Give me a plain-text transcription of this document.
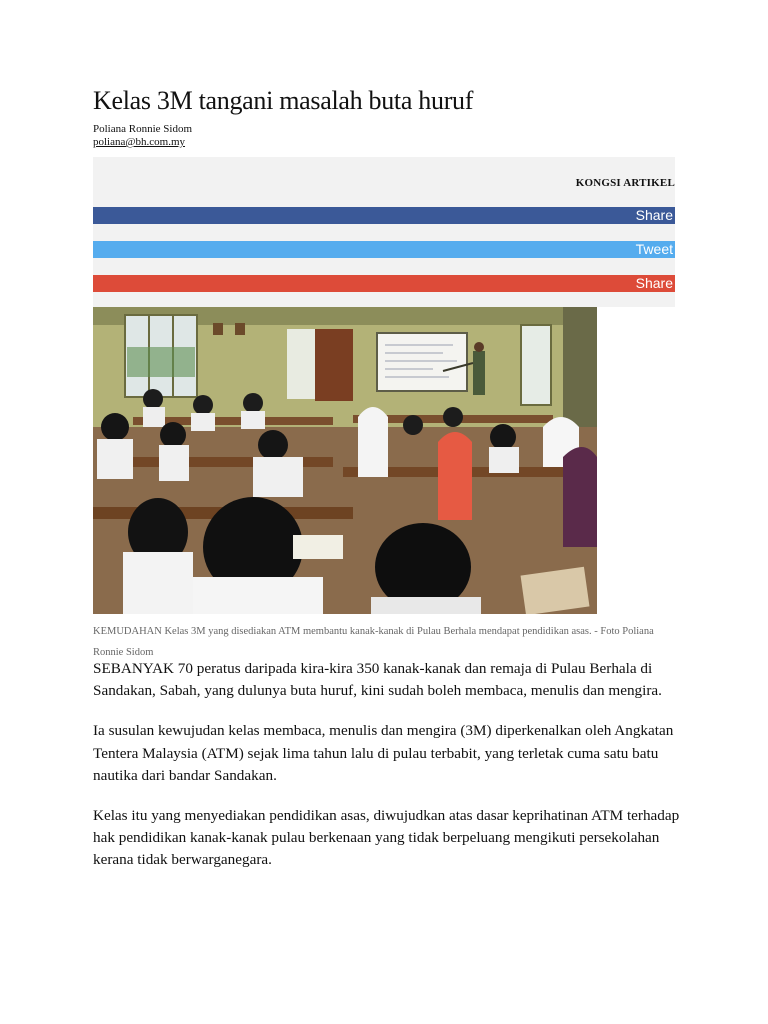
Kelas 3M tangani masalah buta huruf
Poliana Ronnie Sidom
poliana@bh.com.my
KONGSI ARTIKEL
Share
Tweet
Share
KEMUDAHAN Kelas 3M yang disediakan ATM membantu kanak-kanak di Pulau Berhala mendapat pendidikan asas. - Foto Poliana Ronnie Sidom

SEBANYAK 70 peratus daripada kira-kira 350 kanak-kanak dan remaja di Pulau Berhala di Sandakan, Sabah, yang dulunya buta huruf, kini sudah boleh membaca, menulis dan mengira.

Ia susulan kewujudan kelas membaca, menulis dan mengira (3M) diperkenalkan oleh Angkatan Tentera Malaysia (ATM) sejak lima tahun lalu di pulau terbabit, yang terletak cuma satu batu nautika dari bandar Sandakan.

Kelas itu yang menyediakan pendidikan asas, diwujudkan atas dasar keprihatinan ATM terhadap hak pendidikan kanak-kanak pulau berkenaan yang tidak berpeluang mengikuti persekolahan kerana tidak berwarganegara.
